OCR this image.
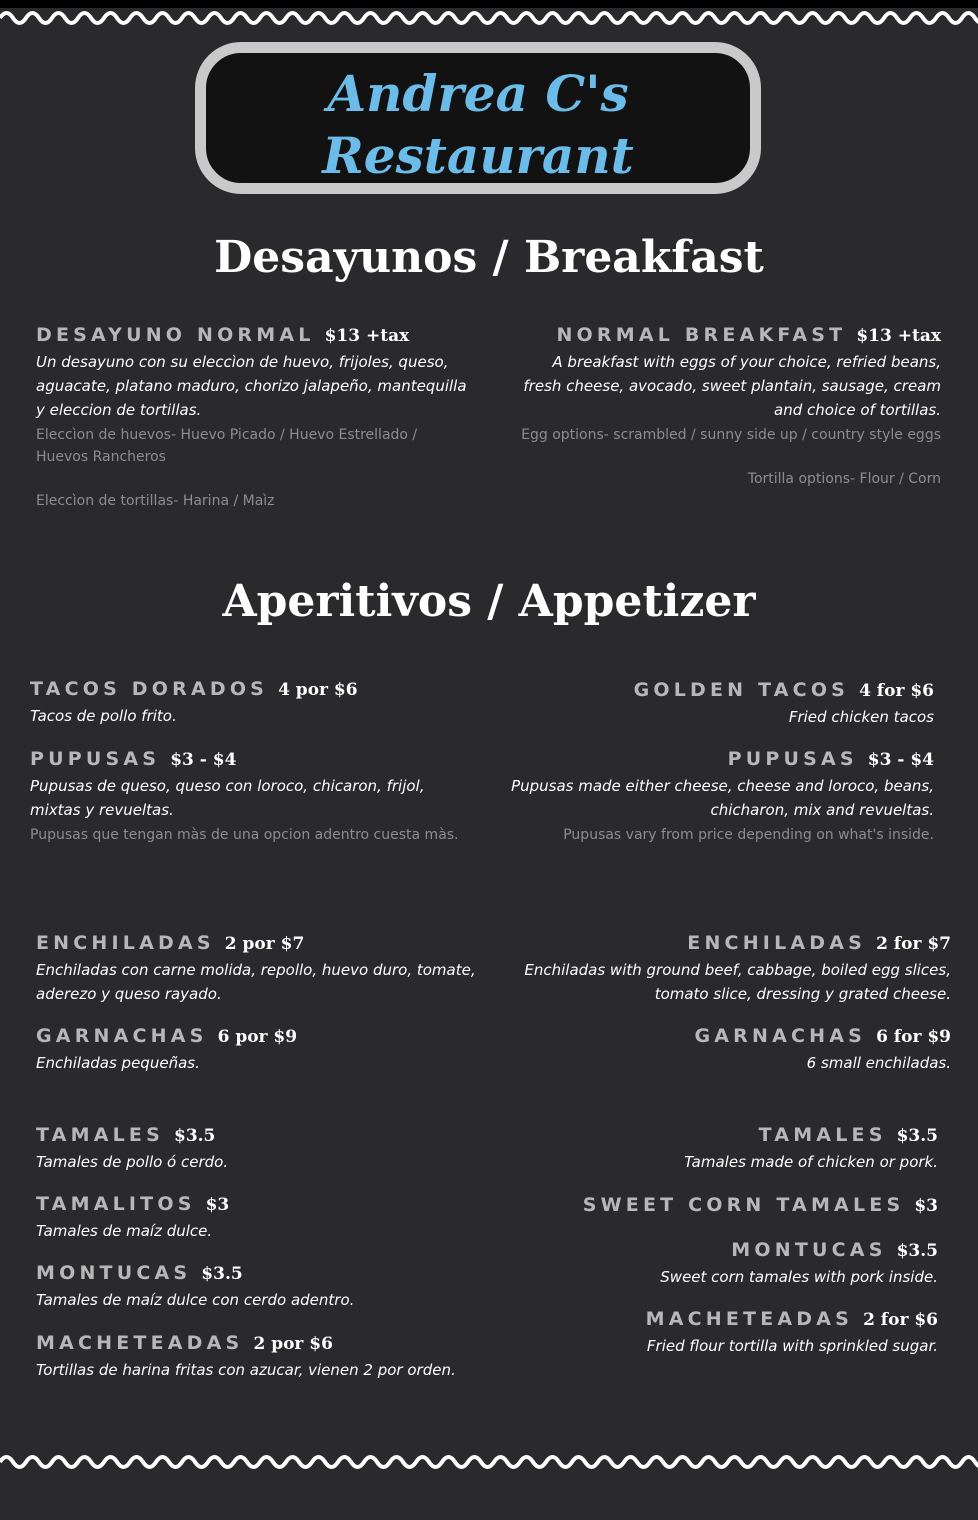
Andrea C's
Restaurant
Desayunos / Breakfast
DESAYUNO NORMAL $13 +tax
Un desayuno con su eleccìon de huevo, frijoles, queso,
aguacate, platano maduro, chorizo jalapeño, mantequilla
y eleccion de tortillas.
Eleccìon de huevos- Huevo Picado / Huevo Estrellado /
Huevos Rancheros
Eleccìon de tortillas- Harina / Maìz
NORMAL BREAKFAST $13 +tax
A breakfast with eggs of your choice, refried beans,
fresh cheese, avocado, sweet plantain, sausage, cream
and choice of tortillas.
Egg options- scrambled / sunny side up / country style eggs
Tortilla options- Flour / Corn
Aperitivos / Appetizer
TACOS DORADOS 4 por $6
Tacos de pollo frito.
PUPUSAS $3 - $4
Pupusas de queso, queso con loroco, chicaron, frijol,
mixtas y revueltas.
Pupusas que tengan màs de una opcion adentro cuesta màs.
ENCHILADAS 2 por $7
Enchiladas con carne molida, repollo, huevo duro, tomate,
aderezo y queso rayado.
GARNACHAS 6 por $9
Enchiladas pequeñas.
TAMALES $3.5
Tamales de pollo ó cerdo.
TAMALITOS $3
Tamales de maíz dulce.
MONTUCAS $3.5
Tamales de maíz dulce con cerdo adentro.
MACHETEADAS 2 por $6
Tortillas de harina fritas con azucar, vienen 2 por orden.
GOLDEN TACOS 4 for $6
Fried chicken tacos
PUPUSAS $3 - $4
Pupusas made either cheese, cheese and loroco, beans,
chicharon, mix and revueltas.
Pupusas vary from price depending on what's inside.
ENCHILADAS 2 for $7
Enchiladas with ground beef, cabbage, boiled egg slices,
tomato slice, dressing y grated cheese.
GARNACHAS 6 for $9
6 small enchiladas.
TAMALES $3.5
Tamales made of chicken or pork.
SWEET CORN TAMALES $3
MONTUCAS $3.5
Sweet corn tamales with pork inside.
MACHETEADAS 2 for $6
Fried flour tortilla with sprinkled sugar.
